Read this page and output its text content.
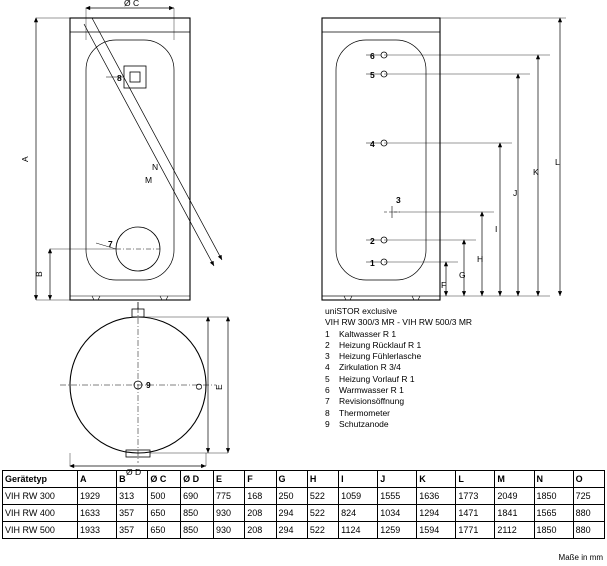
Ø C
A
B
N
M
8
7
Ø D
O E
9
1
2
3
4
5
6
F
G
H
I
J
K
L
uniSTOR exclusive
VIH RW 300/3 MR - VIH RW 500/3 MR
1	Kaltwasser R 1
2	Heizung Rücklauf R 1
3	Heizung Fühlerlasche
4	Zirkulation R 3/4
5	Heizung Vorlauf R 1
6	Warmwasser R 1
7	Revisionsöffnung
8	Thermometer
9	Schutzanode
Gerätetyp	A	B	Ø C	Ø D	E	F	G	H	I	J	K	L	M	N	O
VIH RW 300	1929	313	500	690	775	168	250	522	1059	1555	1636	1773	2049	1850	725
VIH RW 400	1633	357	650	850	930	208	294	522	824	1034	1294	1471	1841	1565	880
VIH RW 500	1933	357	650	850	930	208	294	522	1124	1259	1594	1771	2112	1850	880
Maße in mm
